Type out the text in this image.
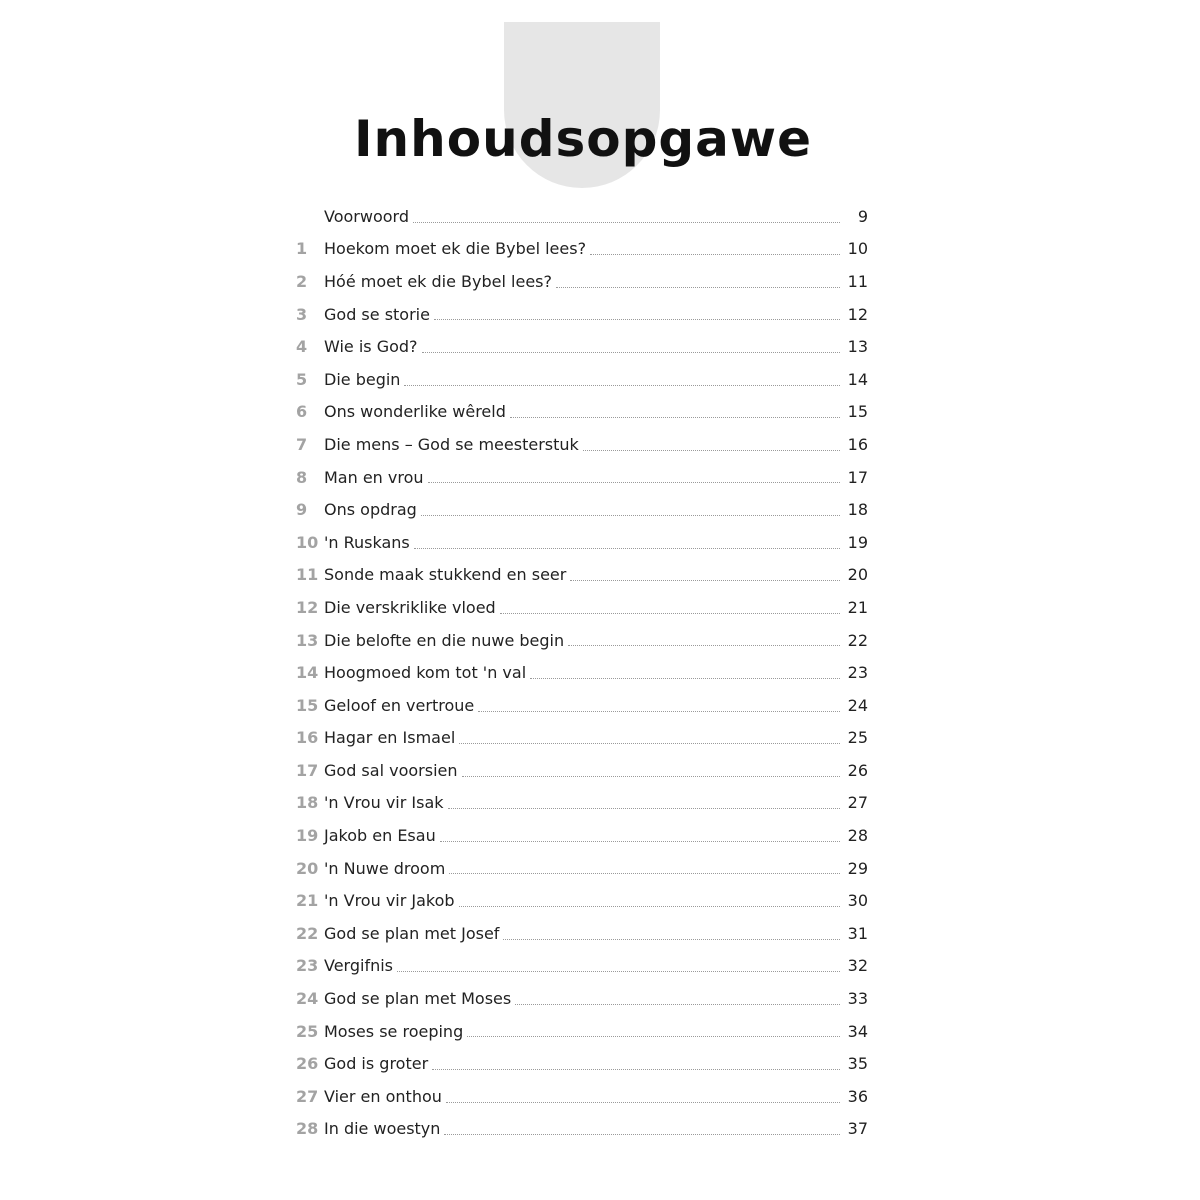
Inhoudsopgawe
Voorwoord	9
1	Hoekom moet ek die Bybel lees?	10
2	Hóé moet ek die Bybel lees?	11
3	God se storie	12
4	Wie is God?	13
5	Die begin	14
6	Ons wonderlike wêreld	15
7	Die mens – God se meesterstuk	16
8	Man en vrou	17
9	Ons opdrag	18
10 'n Ruskans	19
11 Sonde maak stukkend en seer	20
12 Die verskriklike vloed	21
13 Die belofte en die nuwe begin	22
14 Hoogmoed kom tot 'n val	23
15 Geloof en vertroue	24
16 Hagar en Ismael	25
17 God sal voorsien	26
18 'n Vrou vir Isak	27
19 Jakob en Esau	28
20 'n Nuwe droom	29
21 'n Vrou vir Jakob	30
22 God se plan met Josef	31
23 Vergifnis	32
24 God se plan met Moses	33
25 Moses se roeping	34
26 God is groter	35
27 Vier en onthou	36
28 In die woestyn	37
